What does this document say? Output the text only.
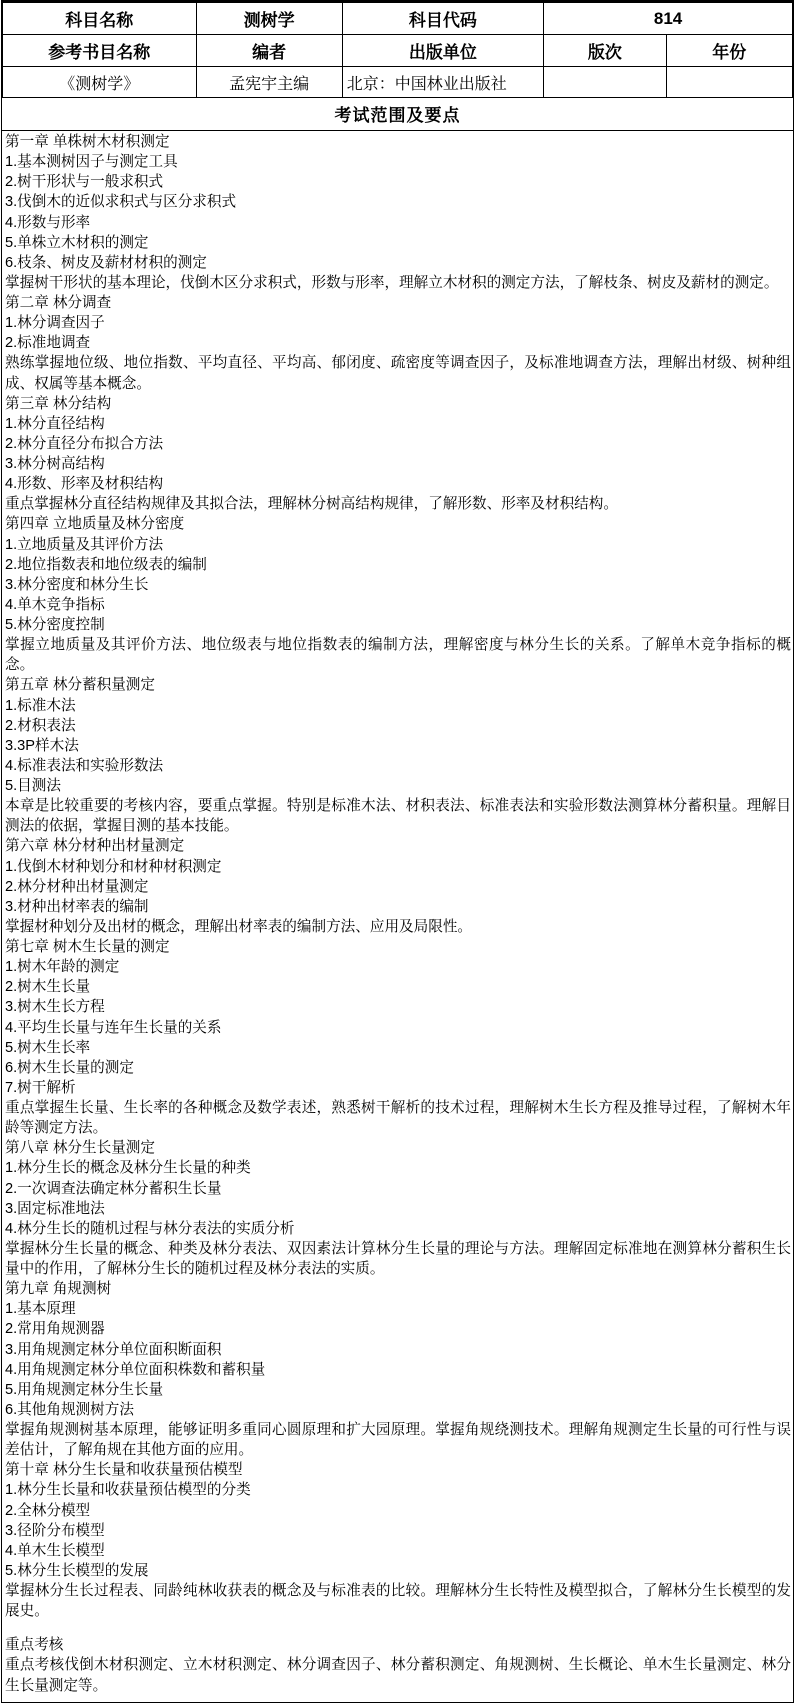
科目名称	测树学	科目代码	814	
参考书目名称	编者	出版单位	版次	年份
《测树学》	孟宪宇主编	北京：中国林业出版社		
考试范围及要点

第一章 单株树木材积测定

1.基本测树因子与测定工具

2.树干形状与一般求积式

3.伐倒木的近似求积式与区分求积式

4.形数与形率

5.单株立木材积的测定

6.枝条、树皮及薪材材积的测定

掌握树干形状的基本理论，伐倒木区分求积式，形数与形率，理解立木材积的测定方法，了解枝条、树皮及薪材的测定。

第二章 林分调查

1.林分调查因子

2.标准地调查

熟练掌握地位级、地位指数、平均直径、平均高、郁闭度、疏密度等调查因子，及标准地调查方法，理解出材级、树种组成、权属等基本概念。

第三章 林分结构

1.林分直径结构

2.林分直径分布拟合方法

3.林分树高结构

4.形数、形率及材积结构

重点掌握林分直径结构规律及其拟合法，理解林分树高结构规律，了解形数、形率及材积结构。

第四章 立地质量及林分密度

1.立地质量及其评价方法

2.地位指数表和地位级表的编制

3.林分密度和林分生长

4.单木竞争指标

5.林分密度控制

掌握立地质量及其评价方法、地位级表与地位指数表的编制方法，理解密度与林分生长的关系。了解单木竞争指标的概念。

第五章 林分蓄积量测定

1.标准木法

2.材积表法

3.3P样木法

4.标准表法和实验形数法

5.目测法

本章是比较重要的考核内容，要重点掌握。特别是标准木法、材积表法、标准表法和实验形数法测算林分蓄积量。理解目测法的依据，掌握目测的基本技能。

第六章 林分材种出材量测定

1.伐倒木材种划分和材种材积测定

2.林分材种出材量测定

3.材种出材率表的编制

掌握材种划分及出材的概念，理解出材率表的编制方法、应用及局限性。

第七章 树木生长量的测定

1.树木年龄的测定

2.树木生长量

3.树木生长方程

4.平均生长量与连年生长量的关系

5.树木生长率

6.树木生长量的测定

7.树干解析

重点掌握生长量、生长率的各种概念及数学表述，熟悉树干解析的技术过程，理解树木生长方程及推导过程，了解树木年龄等测定方法。

第八章 林分生长量测定

1.林分生长的概念及林分生长量的种类

2.一次调查法确定林分蓄积生长量

3.固定标准地法

4.林分生长的随机过程与林分表法的实质分析

掌握林分生长量的概念、种类及林分表法、双因素法计算林分生长量的理论与方法。理解固定标准地在测算林分蓄积生长量中的作用，了解林分生长的随机过程及林分表法的实质。

第九章 角规测树

1.基本原理

2.常用角规测器

3.用角规测定林分单位面积断面积

4.用角规测定林分单位面积株数和蓄积量

5.用角规测定林分生长量

6.其他角规测树方法

掌握角规测树基本原理，能够证明多重同心圆原理和扩大园原理。掌握角规绕测技术。理解角规测定生长量的可行性与误差估计，了解角规在其他方面的应用。

第十章 林分生长量和收获量预估模型

1.林分生长量和收获量预估模型的分类

2.全林分模型

3.径阶分布模型

4.单木生长模型

5.林分生长模型的发展

掌握林分生长过程表、同龄纯林收获表的概念及与标准表的比较。理解林分生长特性及模型拟合，了解林分生长模型的发展史。

重点考核

重点考核伐倒木材积测定、立木材积测定、林分调查因子、林分蓄积测定、角规测树、生长概论、单木生长量测定、林分生长量测定等。
